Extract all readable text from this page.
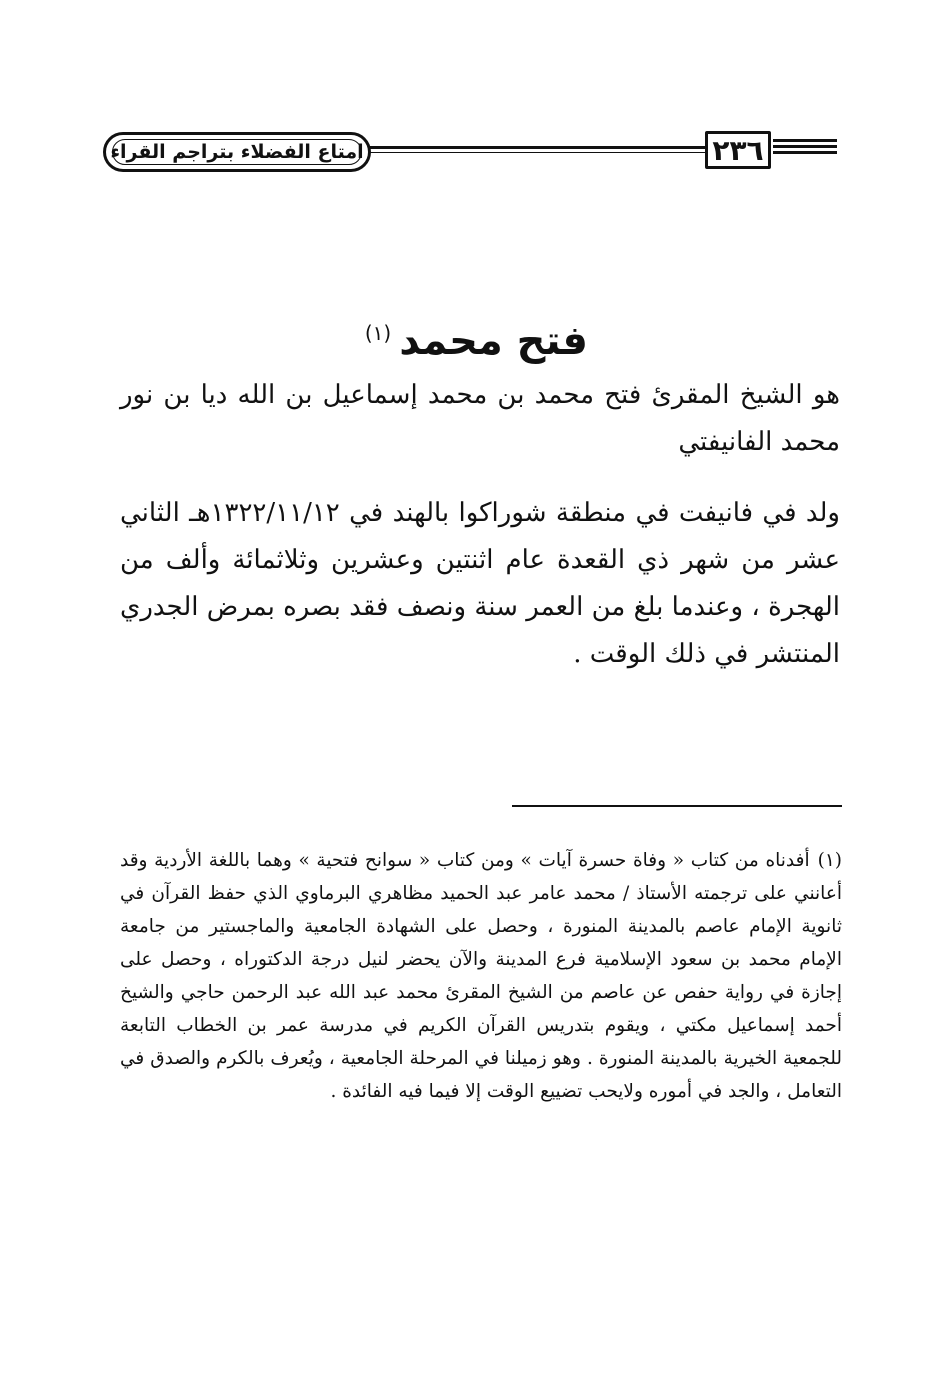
٢٣٦
امتاع الفضلاء بتراجم القراء
فتح محمد$^{(١)}$

هو الشيخ المقرئ فتح محمد بن محمد إسماعيل بن الله ديا بن نور محمد الفانيفتي

ولد في فانيفت في منطقة شوراكوا بالهند في ١٣٢٢/١١/١٢هـ الثاني عشر من شهر ذي القعدة عام اثنتين وعشرين وثلاثمائة وألف من الهجرة ، وعندما بلغ من العمر سنة ونصف فقد بصره بمرض الجدري المنتشر في ذلك الوقت .

(١)أفدناه من كتاب « وفاة حسرة آيات » ومن كتاب « سوانح فتحية » وهما باللغة الأردية وقد أعانني على ترجمته الأستاذ / محمد عامر عبد الحميد مظاهري البرماوي الذي حفظ القرآن في ثانوية الإمام عاصم بالمدينة المنورة ، وحصل على الشهادة الجامعية والماجستير من جامعة الإمام محمد بن سعود الإسلامية فرع المدينة والآن يحضر لنيل درجة الدكتوراه ، وحصل على إجازة في رواية حفص عن عاصم من الشيخ المقرئ محمد عبد الله عبد الرحمن حاجي والشيخ أحمد إسماعيل مكتي ، ويقوم بتدريس القرآن الكريم في مدرسة عمر بن الخطاب التابعة للجمعية الخيرية بالمدينة المنورة . وهو زميلنا في المرحلة الجامعية ، ويُعرف بالكرم والصدق في التعامل ، والجد في أموره ولايحب تضييع الوقت إلا فيما فيه الفائدة .
